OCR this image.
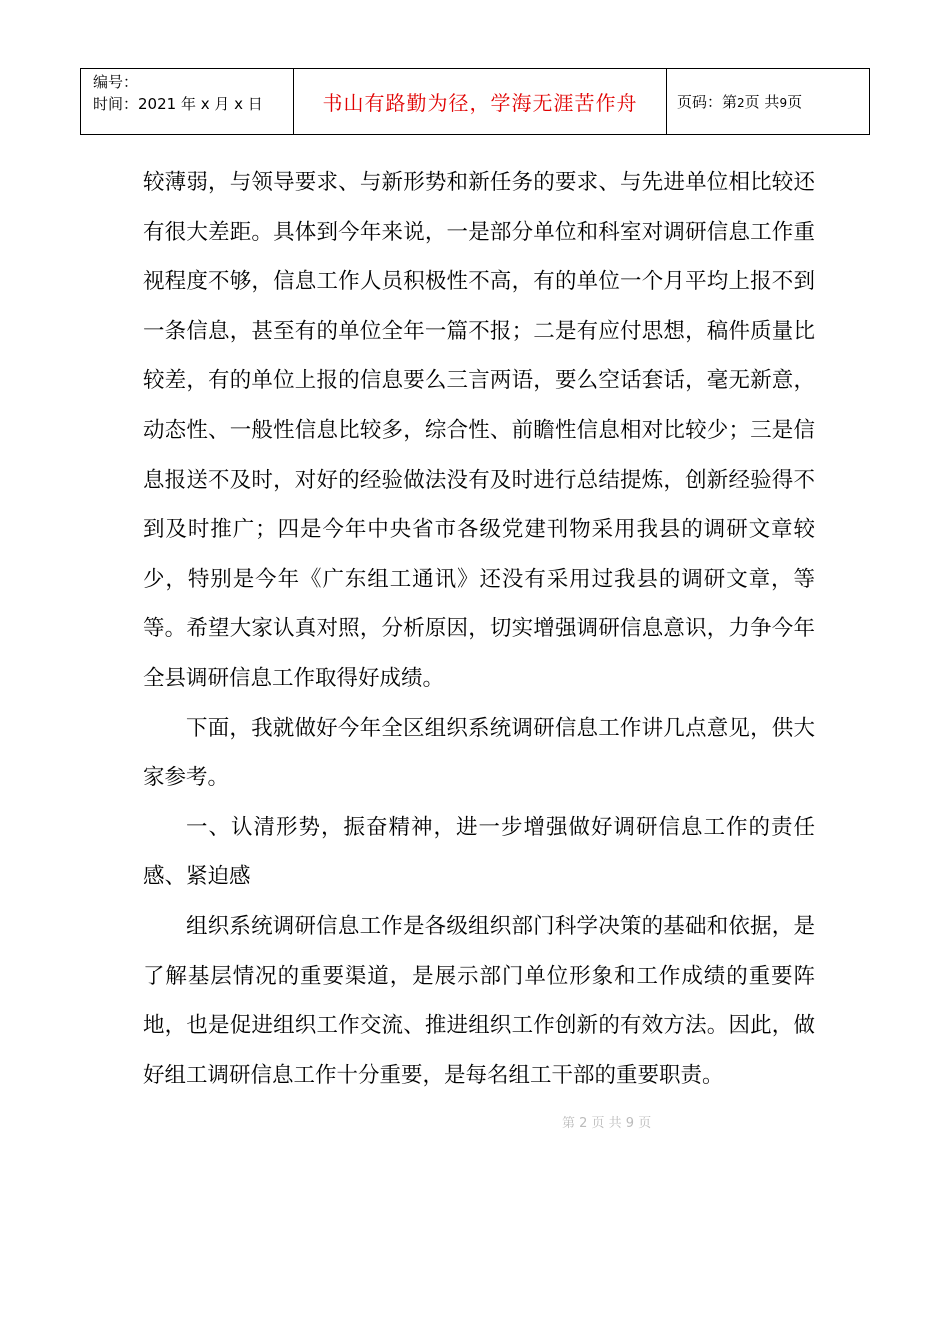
编号：
时间：2021 年 x 月 x 日	书山有路勤为径，学海无涯苦作舟	页码：第2页 共9页

较薄弱，与领导要求、与新形势和新任务的要求、与先进单位相比较还有很大差距。具体到今年来说，一是部分单位和科室对调研信息工作重视程度不够，信息工作人员积极性不高，有的单位一个月平均上报不到一条信息，甚至有的单位全年一篇不报；二是有应付思想，稿件质量比较差，有的单位上报的信息要么三言两语，要么空话套话，毫无新意，动态性、一般性信息比较多，综合性、前瞻性信息相对比较少；三是信息报送不及时，对好的经验做法没有及时进行总结提炼，创新经验得不到及时推广；四是今年中央省市各级党建刊物采用我县的调研文章较少，特别是今年《广东组工通讯》还没有采用过我县的调研文章，等等。希望大家认真对照，分析原因，切实增强调研信息意识，力争今年全县调研信息工作取得好成绩。

下面，我就做好今年全区组织系统调研信息工作讲几点意见，供大家参考。

一、认清形势，振奋精神，进一步增强做好调研信息工作的责任感、紧迫感

组织系统调研信息工作是各级组织部门科学决策的基础和依据，是了解基层情况的重要渠道，是展示部门单位形象和工作成绩的重要阵地，也是促进组织工作交流、推进组织工作创新的有效方法。因此，做好组工调研信息工作十分重要，是每名组工干部的重要职责。

第 2 页 共 9 页
